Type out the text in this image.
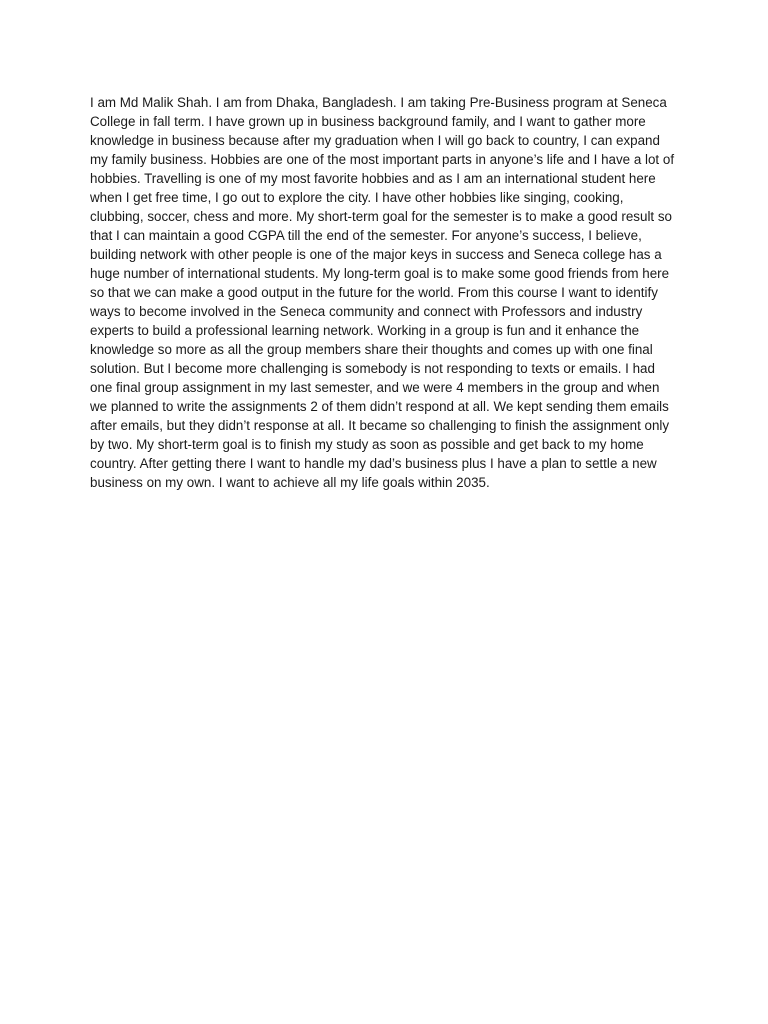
I am Md Malik Shah. I am from Dhaka, Bangladesh. I am taking Pre-Business program at Seneca College in fall term. I have grown up in business background family, and I want to gather more knowledge in business because after my graduation when I will go back to country, I can expand my family business. Hobbies are one of the most important parts in anyone’s life and I have a lot of hobbies. Travelling is one of my most favorite hobbies and as I am an international student here when I get free time, I go out to explore the city. I have other hobbies like singing, cooking, clubbing, soccer, chess and more. My short-term goal for the semester is to make a good result so that I can maintain a good CGPA till the end of the semester. For anyone’s success, I believe, building network with other people is one of the major keys in success and Seneca college has a huge number of international students. My long-term goal is to make some good friends from here so that we can make a good output in the future for the world. From this course I want to identify ways to become involved in the Seneca community and connect with Professors and industry experts to build a professional learning network. Working in a group is fun and it enhance the knowledge so more as all the group members share their thoughts and comes up with one final solution. But I become more challenging is somebody is not responding to texts or emails. I had one final group assignment in my last semester, and we were 4 members in the group and when we planned to write the assignments 2 of them didn’t respond at all. We kept sending them emails after emails, but they didn’t response at all. It became so challenging to finish the assignment only by two. My short-term goal is to finish my study as soon as possible and get back to my home country. After getting there I want to handle my dad’s business plus I have a plan to settle a new business on my own. I want to achieve all my life goals within 2035.
